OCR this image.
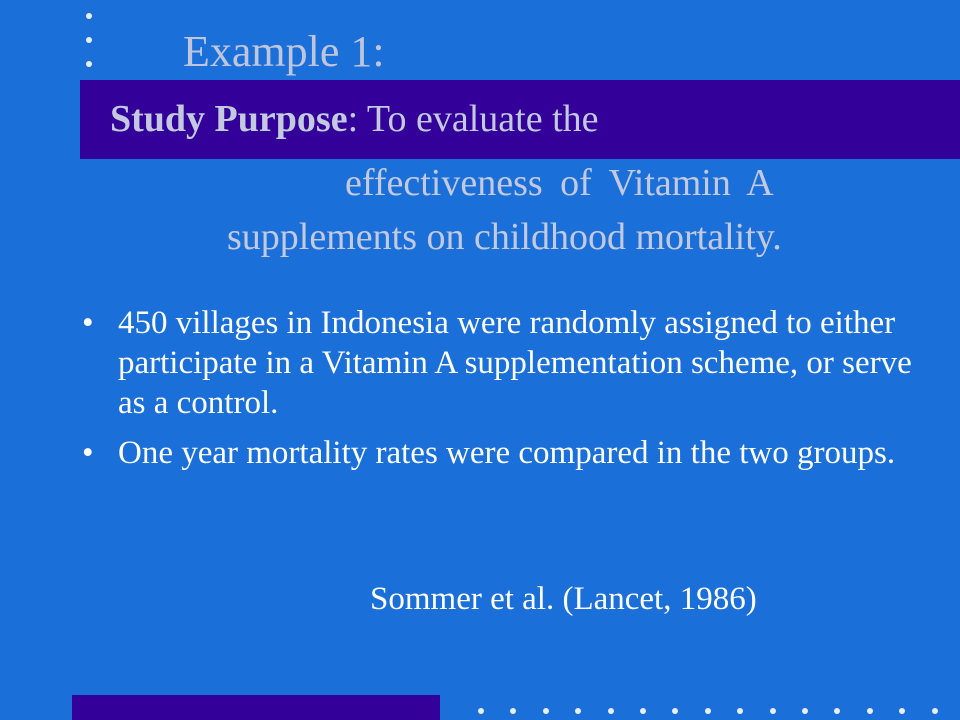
Example 1:
Study Purpose: To evaluate the
effectiveness of Vitamin A
supplements on childhood mortality.
• 450 villages in Indonesia were randomly assigned to either participate in a Vitamin A supplementation scheme, or serve as a control.
• One year mortality rates were compared in the two groups.
Sommer et al. (Lancet, 1986)
